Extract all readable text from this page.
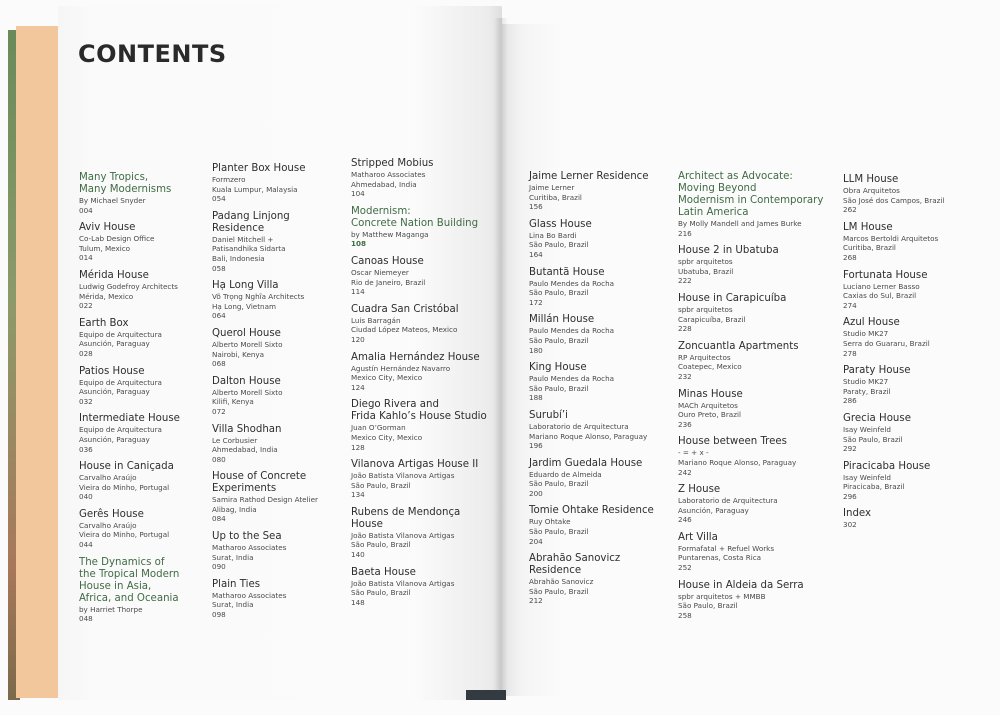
CONTENTS
Many Tropics,
Many Modernisms
By Michael Snyder
004
Aviv House
Co-Lab Design Office
Tulum, Mexico
014
Mérida House
Ludwig Godefroy Architects
Mérida, Mexico
022
Earth Box
Equipo de Arquitectura
Asunción, Paraguay
028
Patios House
Equipo de Arquitectura
Asunción, Paraguay
032
Intermediate House
Equipo de Arquitectura
Asunción, Paraguay
036
House in Caniçada
Carvalho Araújo
Vieira do Minho, Portugal
040
Gerês House
Carvalho Araújo
Vieira do Minho, Portugal
044
The Dynamics of
the Tropical Modern
House in Asia,
Africa, and Oceania
by Harriet Thorpe
048
Planter Box House
Formzero
Kuala Lumpur, Malaysia
054
Padang Linjong Residence
Daniel Mitchell +
Patisandhika Sidarta
Bali, Indonesia
058
Hạ Long Villa
Võ Trọng Nghĩa Architects
Hạ Long, Vietnam
064
Querol House
Alberto Morell Sixto
Nairobi, Kenya
068
Dalton House
Alberto Morell Sixto
Kilifi, Kenya
072
Villa Shodhan
Le Corbusier
Ahmedabad, India
080
House of Concrete
Experiments
Samira Rathod Design Atelier
Alibag, India
084
Up to the Sea
Matharoo Associates
Surat, India
090
Plain Ties
Matharoo Associates
Surat, India
098
Stripped Mobius
Matharoo Associates
Ahmedabad, India
104
Modernism:
Concrete Nation Building
by Matthew Maganga
108
Canoas House
Oscar Niemeyer
Rio de Janeiro, Brazil
114
Cuadra San Cristóbal
Luis Barragán
Ciudad López Mateos, Mexico
120
Amalia Hernández House
Agustín Hernández Navarro
Mexico City, Mexico
124
Diego Rivera and
Frida Kahlo’s House Studio
Juan O’Gorman
Mexico City, Mexico
128
Vilanova Artigas House II
João Batista Vilanova Artigas
São Paulo, Brazil
134
Rubens de Mendonça
House
João Batista Vilanova Artigas
São Paulo, Brazil
140
Baeta House
João Batista Vilanova Artigas
São Paulo, Brazil
148
Jaime Lerner Residence
Jaime Lerner
Curitiba, Brazil
156
Glass House
Lina Bo Bardi
São Paulo, Brazil
164
Butantã House
Paulo Mendes da Rocha
São Paulo, Brazil
172
Millán House
Paulo Mendes da Rocha
São Paulo, Brazil
180
King House
Paulo Mendes da Rocha
São Paulo, Brazil
188
Surubí’i
Laboratorio de Arquitectura
Mariano Roque Alonso, Paraguay
196
Jardim Guedala House
Eduardo de Almeida
São Paulo, Brazil
200
Tomie Ohtake Residence
Ruy Ohtake
São Paulo, Brazil
204
Abrahão Sanovicz
Residence
Abrahão Sanovicz
São Paulo, Brazil
212
Architect as Advocate:
Moving Beyond
Modernism in Contemporary
Latin America
By Molly Mandell and James Burke
216
House 2 in Ubatuba
spbr arquitetos
Ubatuba, Brazil
222
House in Carapicuíba
spbr arquitetos
Carapicuíba, Brazil
228
Zoncuantla Apartments
RP Arquitectos
Coatepec, Mexico
232
Minas House
MACh Arquitetos
Ouro Preto, Brazil
236
House between Trees
- = + x -
Mariano Roque Alonso, Paraguay
242
Z House
Laboratorio de Arquitectura
Asunción, Paraguay
246
Art Villa
Formafatal + Refuel Works
Puntarenas, Costa Rica
252
House in Aldeia da Serra
spbr arquitetos + MMBB
São Paulo, Brazil
258
LLM House
Obra Arquitetos
São José dos Campos, Brazil
262
LM House
Marcos Bertoldi Arquitetos
Curitiba, Brazil
268
Fortunata House
Luciano Lerner Basso
Caxias do Sul, Brazil
274
Azul House
Studio MK27
Serra do Guararu, Brazil
278
Paraty House
Studio MK27
Paraty, Brazil
286
Grecia House
Isay Weinfeld
São Paulo, Brazil
292
Piracicaba House
Isay Weinfeld
Piracicaba, Brazil
296
Index
302
